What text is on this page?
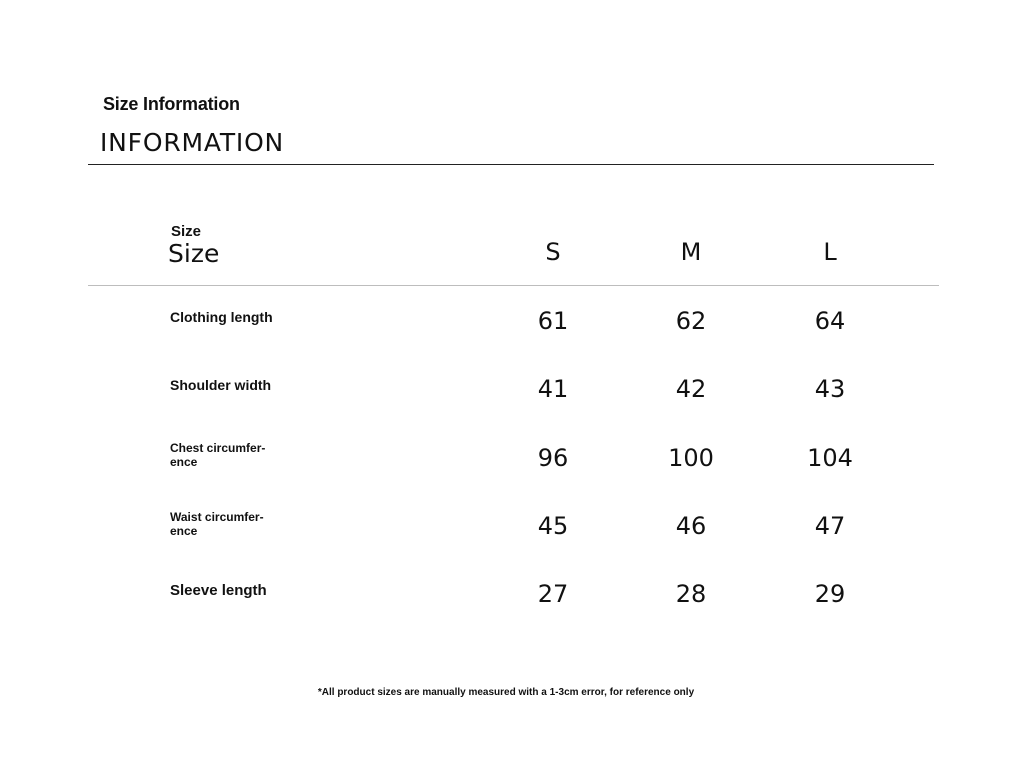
Size Information
INFORMATION
Size
Size	S	M	L
Clothing length	61	62	64
Shoulder width	41	42	43
Chest circumfer-
ence	96	100	104
Waist circumfer-
ence	45	46	47
Sleeve length	27	28	29
*All product sizes are manually measured with a 1-3cm error, for reference only
